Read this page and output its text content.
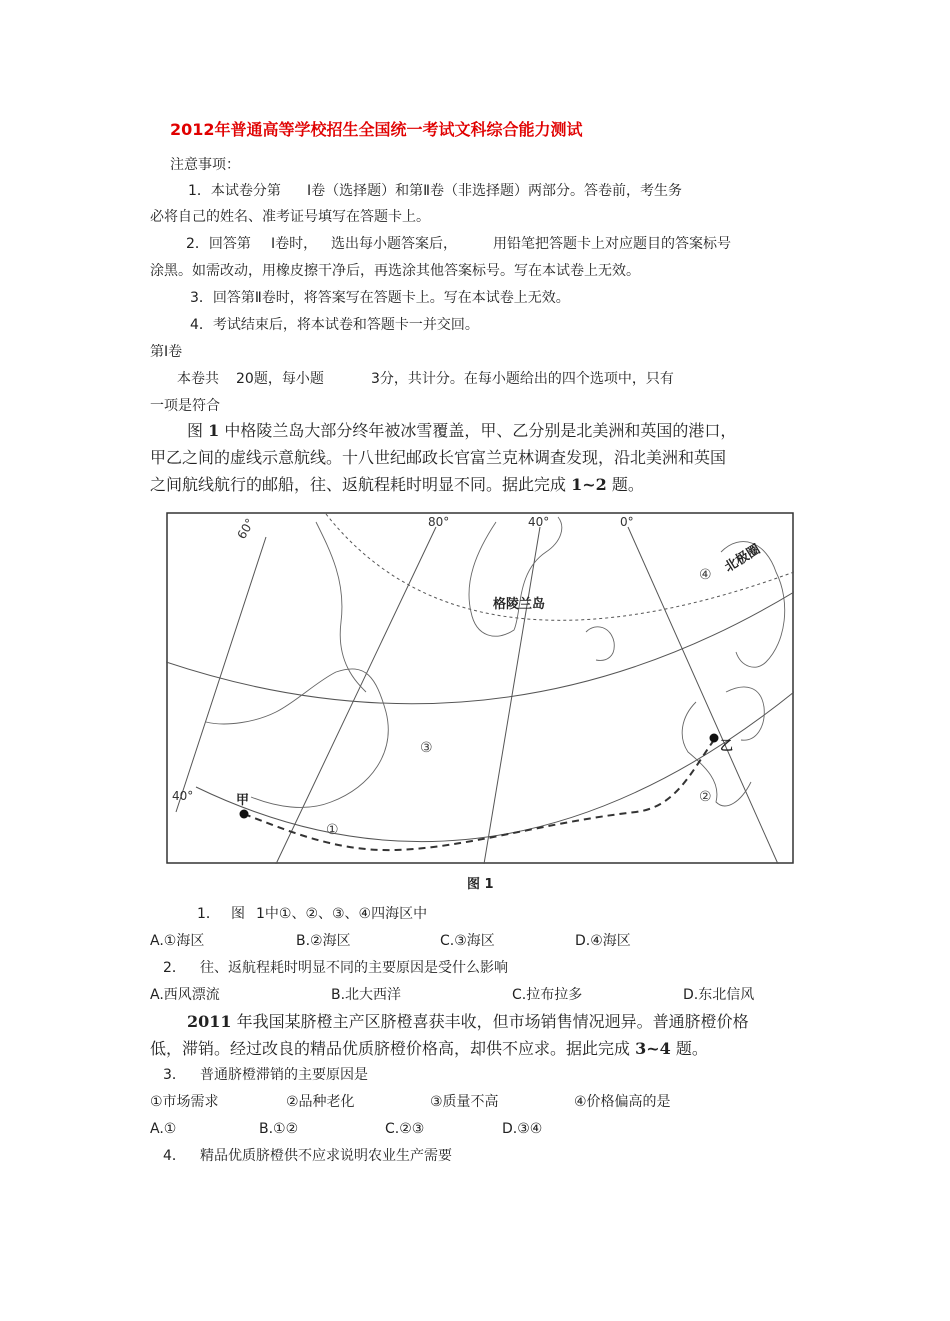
2012年普通高等学校招生全国统一考试文科综合能力测试
注意事项：
1．本试卷分第 Ⅰ卷（选择题）和第Ⅱ卷（非选择题）两部分。答卷前，考生务
必将自己的姓名、准考证号填写在答题卡上。
2．回答第 Ⅰ卷时， 选出每小题答案后，	用铅笔把答题卡上对应题目的答案标号
涂黑。如需改动，用橡皮擦干净后，再选涂其他答案标号。写在本试卷上无效。
3．回答第Ⅱ卷时，将答案写在答题卡上。写在本试卷上无效。
4．考试结束后，将本试卷和答题卡一并交回。
第Ⅰ卷
本卷共 20题，每小题	3分，共计分。在每小题给出的四个选项中，只有
一项是符合
图 1 中格陵兰岛大部分终年被冰雪覆盖，甲、乙分别是北美洲和英国的港口，
甲乙之间的虚线示意航线。十八世纪邮政长官富兰克林调查发现，沿北美洲和英国
之间航线航行的邮船，往、返航程耗时明显不同。据此完成 1~2 题。
60°	80°	40°	0°
40°
北极圈
格陵兰岛
甲
乙
①
②
③
④
图 1
1． 图 1中①、②、③、④四海区中
A.①海区	B.②海区	C.③海区	D.④海区
2． 往、返航程耗时明显不同的主要原因是受什么影响
A.西风漂流	B.北大西洋	C.拉布拉多	D.东北信风
2011 年我国某脐橙主产区脐橙喜获丰收，但市场销售情况迥异。普通脐橙价格
低，滞销。经过改良的精品优质脐橙价格高，却供不应求。据此完成 3~4 题。
3． 普通脐橙滞销的主要原因是
①市场需求	②品种老化	③质量不高	④价格偏高的是
A.①	B.①②	C.②③	D.③④
4． 精品优质脐橙供不应求说明农业生产需要
